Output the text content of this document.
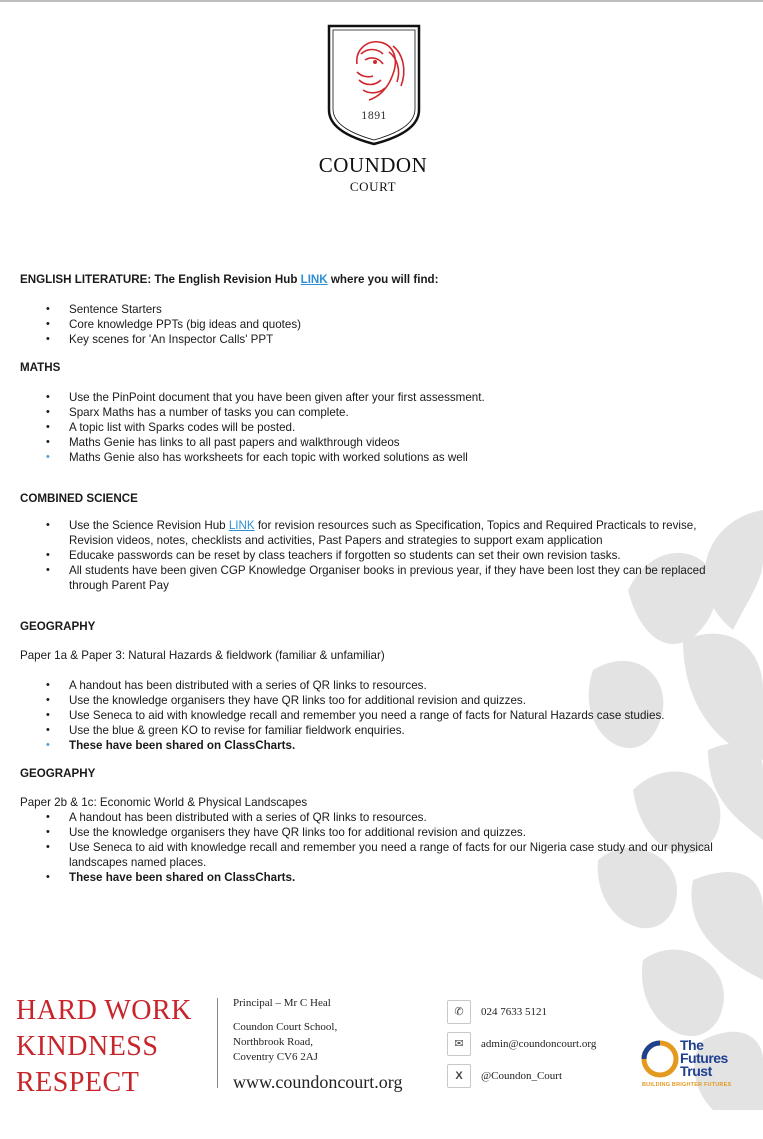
1891
COUNDON
COURT

ENGLISH LITERATURE: The English Revision Hub LINK where you will find:

• Sentence Starters
• Core knowledge PPTs (big ideas and quotes)
• Key scenes for 'An Inspector Calls' PPT

MATHS

• Use the PinPoint document that you have been given after your first assessment.
• Sparx Maths has a number of tasks you can complete.
• A topic list with Sparks codes will be posted.
• Maths Genie has links to all past papers and walkthrough videos
• Maths Genie also has worksheets for each topic with worked solutions as well

COMBINED SCIENCE

• Use the Science Revision Hub LINK for revision resources such as Specification, Topics and Required Practicals to revise, Revision videos, notes, checklists and activities, Past Papers and strategies to support exam application
• Educake passwords can be reset by class teachers if forgotten so students can set their own revision tasks.
• All students have been given CGP Knowledge Organiser books in previous year, if they have been lost they can be replaced through Parent Pay

GEOGRAPHY

Paper 1a & Paper 3: Natural Hazards & fieldwork (familiar & unfamiliar)

• A handout has been distributed with a series of QR links to resources.
• Use the knowledge organisers they have QR links too for additional revision and quizzes.
• Use Seneca to aid with knowledge recall and remember you need a range of facts for Natural Hazards case studies.
• Use the blue & green KO to revise for familiar fieldwork enquiries.
• These have been shared on ClassCharts.

GEOGRAPHY

Paper 2b & 1c: Economic World & Physical Landscapes

• A handout has been distributed with a series of QR links to resources.
• Use the knowledge organisers they have QR links too for additional revision and quizzes.
• Use Seneca to aid with knowledge recall and remember you need a range of facts for our Nigeria case study and our physical landscapes named places.
• These have been shared on ClassCharts.
HARD WORK
KINDNESS
RESPECT
Principal – Mr C Heal
Coundon Court School,
Northbrook Road,
Coventry CV6 2AJ
www.coundoncourt.org
✆	024 7633 5121
✉	admin@coundoncourt.org
X	@Coundon_Court
The
Futures
Trust
BUILDING BRIGHTER FUTURES
